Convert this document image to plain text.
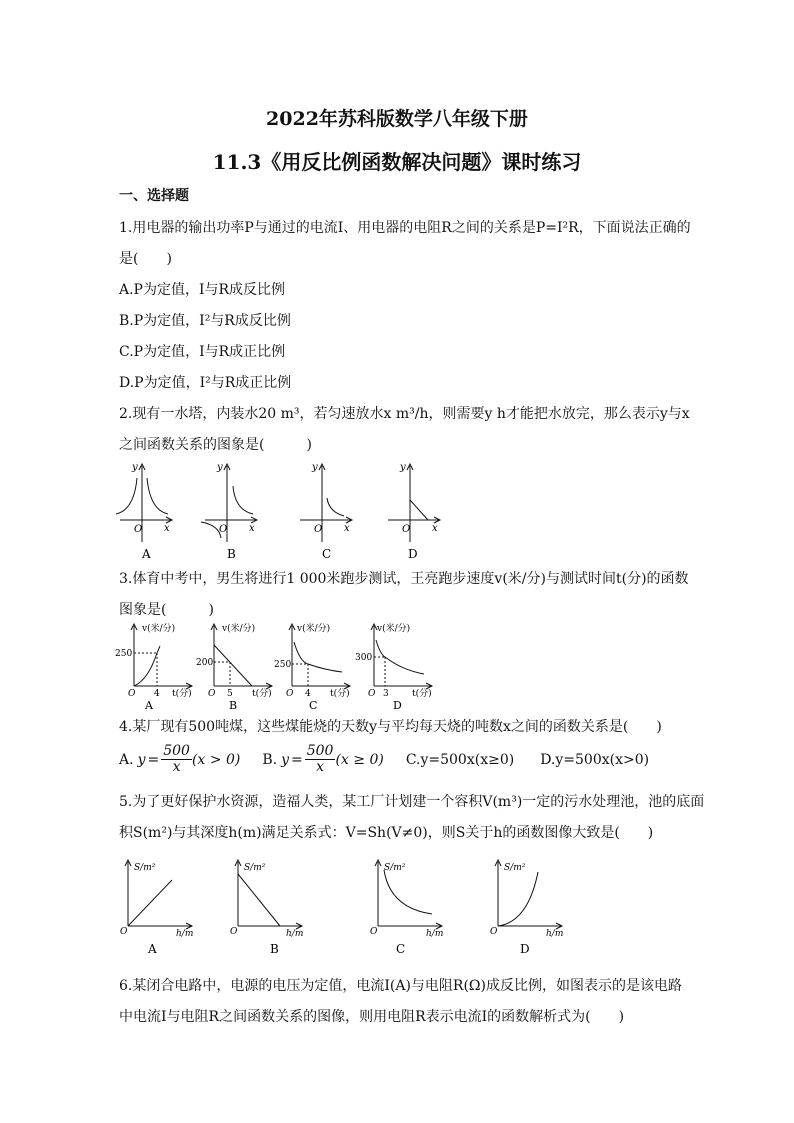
2022年苏科版数学八年级下册
11.3《用反比例函数解决问题》课时练习
一、选择题
1.用电器的输出功率P与通过的电流I、用电器的电阻R之间的关系是P=I²R，下面说法正确的
是(　　)
A.P为定值，I与R成反比例
B.P为定值，I²与R成反比例
C.P为定值，I与R成正比例
D.P为定值，I²与R成正比例
2.现有一水塔，内装水20 m³，若匀速放水x m³/h，则需要y h才能把水放完，那么表示y与x
之间函数关系的图象是(　　　)
y
x
O
A
y
x
O
B
y
x
O
C
y
x
O
D
3.体育中考中，男生将进行1 000米跑步测试，王亮跑步速度v(米/分)与测试时间t(分)的函数
图象是(　　　)
v(米/分)
250
O 4 t(分)
A
v(米/分)
200
O 5 t(分)
B
v(米/分)
250
O 4 t(分)
C
v(米/分)
300
O 3	t(分)
D
4.某厂现有500吨煤，这些煤能烧的天数y与平均每天烧的吨数x之间的函数关系是(　　)
A. $y = \frac{500}{x} (x > 0)$ B. $y = \frac{500}{x} (x \ge 0)$ C.y=500x(x≥0) D.y=500x(x>0)
5.为了更好保护水资源，造福人类，某工厂计划建一个容积V(m³)一定的污水处理池，池的底面
积S(m²)与其深度h(m)满足关系式：V=Sh(V≠0)，则S关于h的函数图像大致是(　　)
S/m²
O	h/m
A
S/m²
O	h/m
B
S/m²
O	h/m
C
S/m²
O	h/m
D
6.某闭合电路中，电源的电压为定值，电流I(A)与电阻R(Ω)成反比例，如图表示的是该电路
中电流I与电阻R之间函数关系的图像，则用电阻R表示电流I的函数解析式为(　　)
